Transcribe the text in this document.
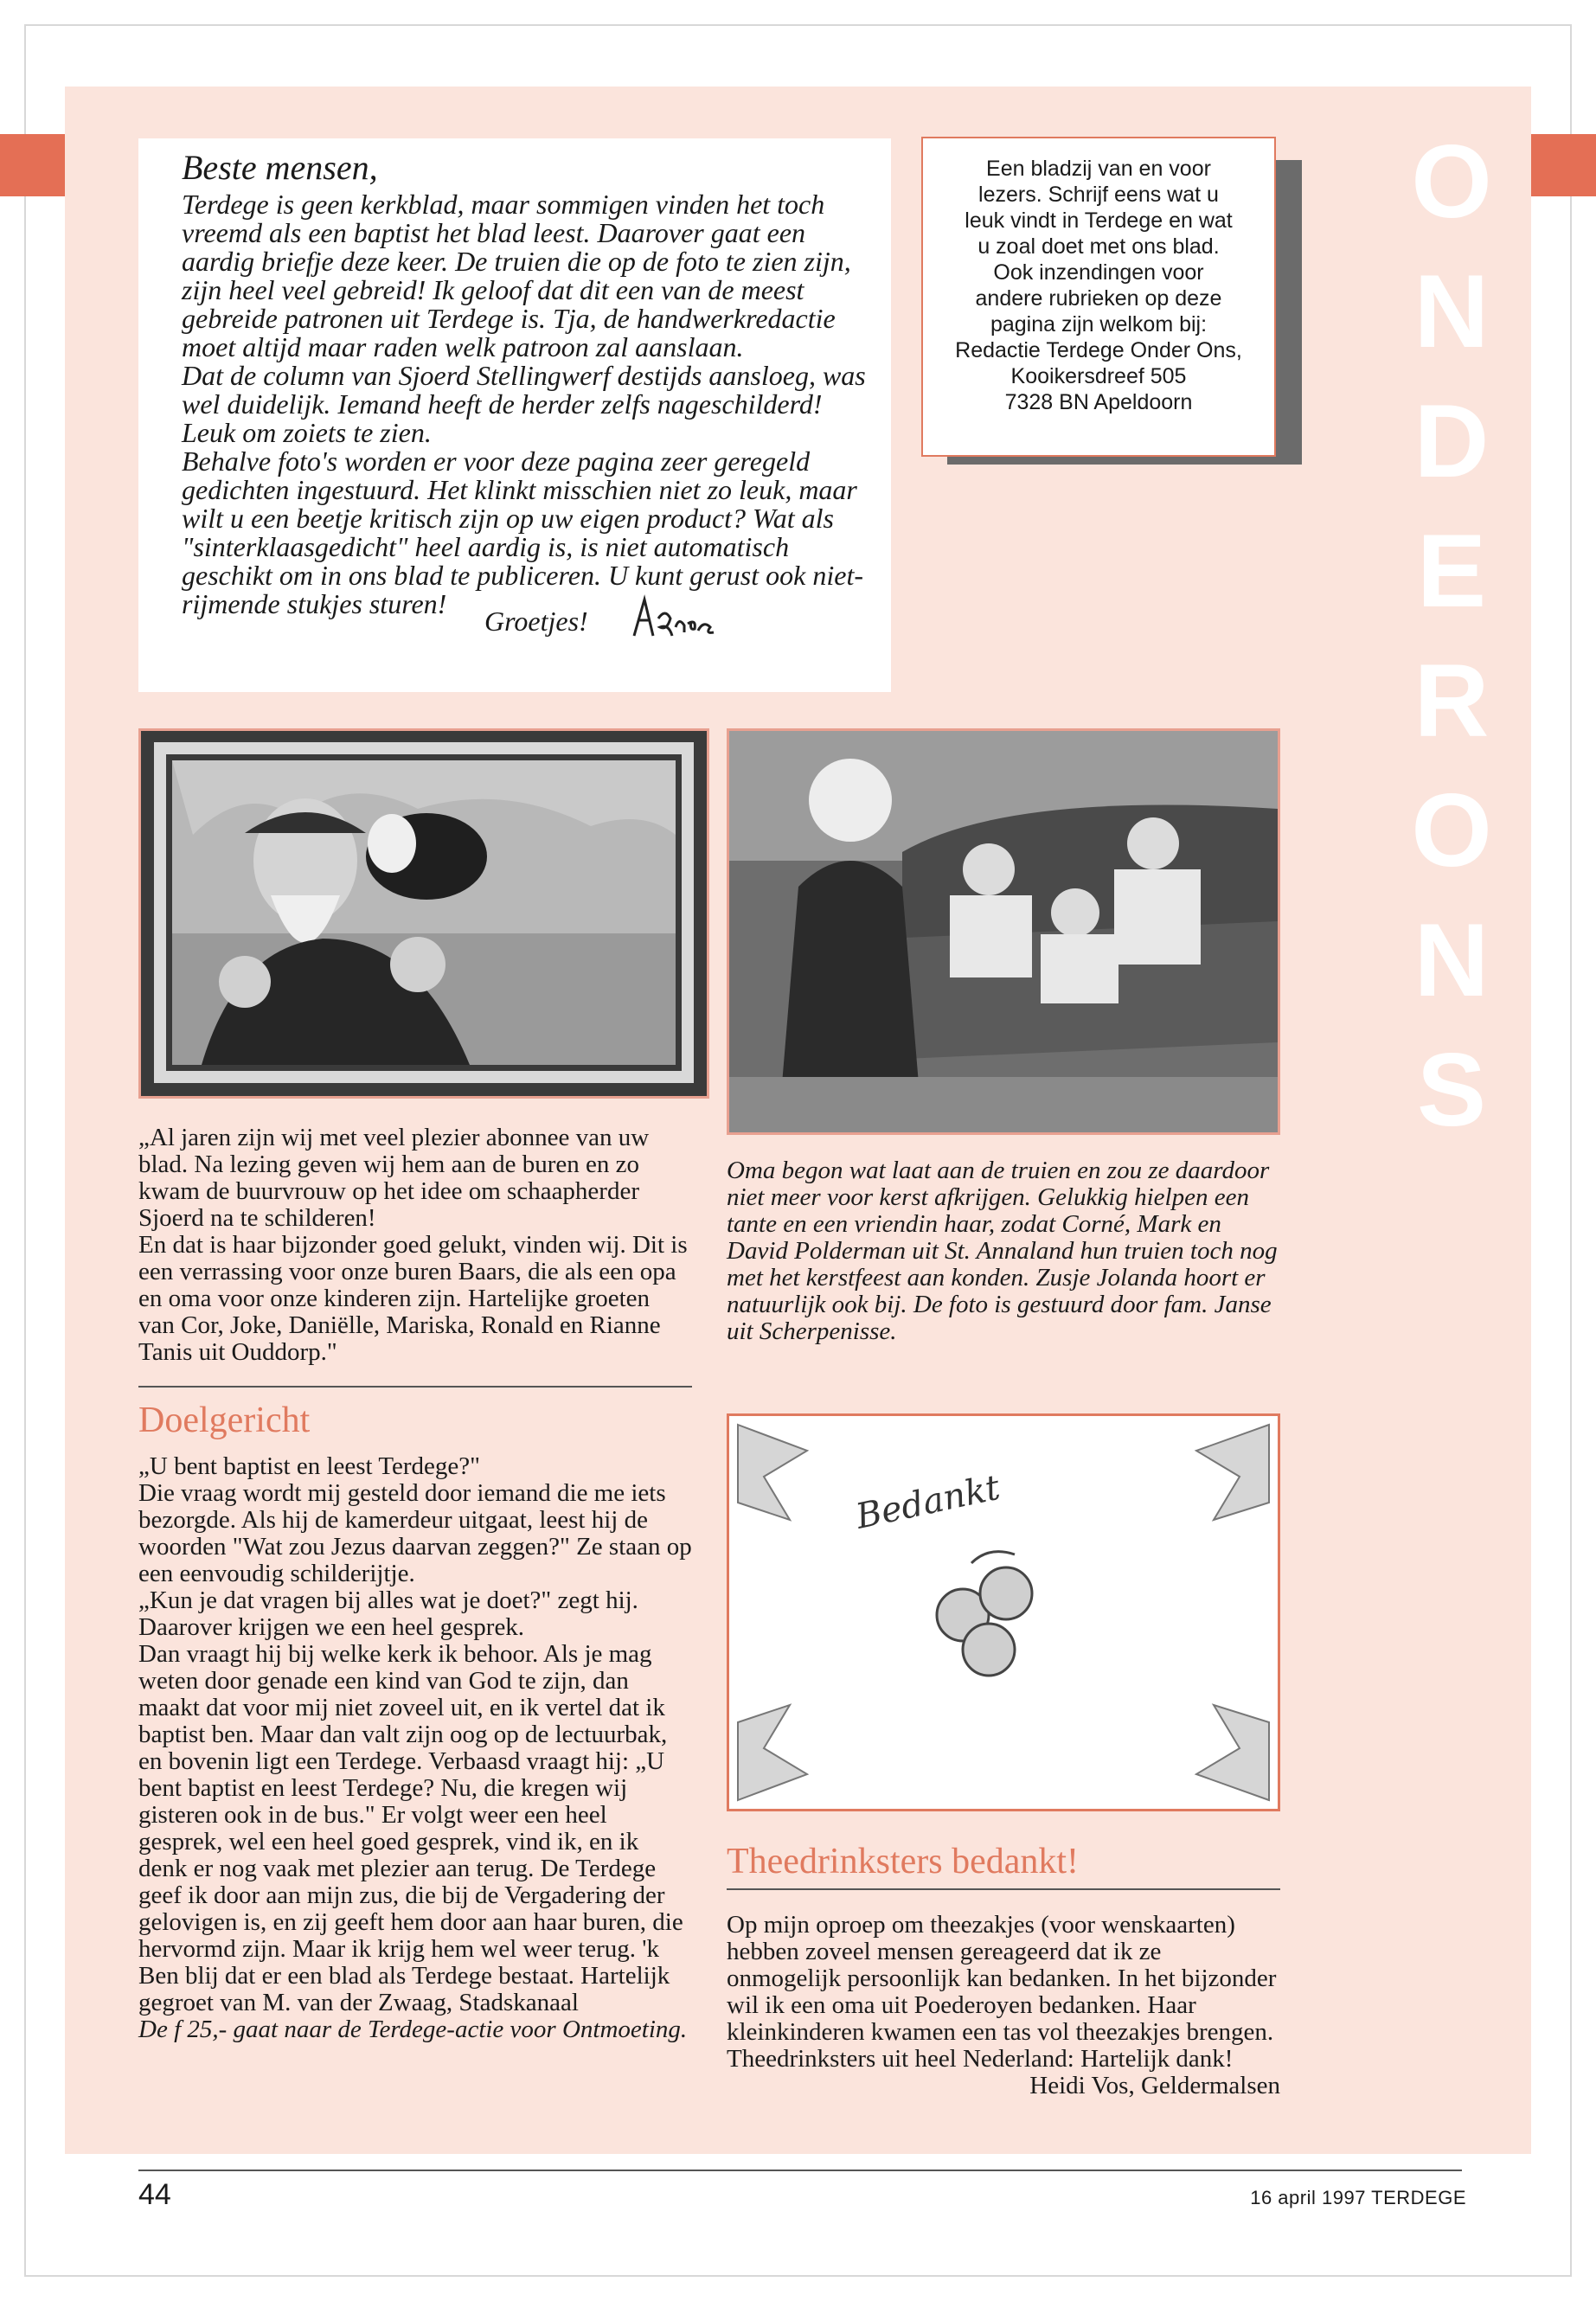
O
N
D
E
R
O
N
S

Beste mensen,

Terdege is geen kerkblad, maar sommigen vinden het toch vreemd als een baptist het blad leest. Daarover gaat een aardig briefje deze keer. De truien die op de foto te zien zijn, zijn heel veel gebreid! Ik geloof dat dit een van de meest gebreide patronen uit Terdege is. Tja, de handwerkredactie moet altijd maar raden welk patroon zal aanslaan.

Dat de column van Sjoerd Stellingwerf destijds aansloeg, was wel duidelijk. Iemand heeft de herder zelfs nageschilderd!

Leuk om zoiets te zien.

Behalve foto's worden er voor deze pagina zeer geregeld gedichten ingestuurd. Het klinkt misschien niet zo leuk, maar wilt u een beetje kritisch zijn op uw eigen product? Wat als "sinterklaasgedicht" heel aardig is, is niet automatisch geschikt om in ons blad te publiceren. U kunt gerust ook niet-rijmende stukjes sturen!

Groetjes!
Een bladzij van en voor
lezers. Schrijf eens wat u
leuk vindt in Terdege en wat
u zoal doet met ons blad.
Ook inzendingen voor
andere rubrieken op deze
pagina zijn welkom bij:
Redactie Terdege Onder Ons,
Kooikersdreef 505
7328 BN Apeldoorn

„Al jaren zijn wij met veel plezier abonnee van uw blad. Na lezing geven wij hem aan de buren en zo kwam de buurvrouw op het idee om schaapherder Sjoerd na te schilderen!

En dat is haar bijzonder goed gelukt, vinden wij. Dit is een verrassing voor onze buren Baars, die als een opa en oma voor onze kinderen zijn. Hartelijke groeten van Cor, Joke, Daniëlle, Mariska, Ronald en Rianne Tanis uit Ouddorp."

Oma begon wat laat aan de truien en zou ze daardoor niet meer voor kerst afkrijgen. Gelukkig hielpen een tante en een vriendin haar, zodat Corné, Mark en David Polderman uit St. Annaland hun truien toch nog met het kerstfeest aan konden. Zusje Jolanda hoort er natuurlijk ook bij. De foto is gestuurd door fam. Janse uit Scherpenisse.

Doelgericht

„U bent baptist en leest Terdege?"

Die vraag wordt mij gesteld door iemand die me iets bezorgde. Als hij de kamerdeur uitgaat, leest hij de woorden "Wat zou Jezus daarvan zeggen?" Ze staan op een eenvoudig schilderijtje.

„Kun je dat vragen bij alles wat je doet?" zegt hij. Daarover krijgen we een heel gesprek.

Dan vraagt hij bij welke kerk ik behoor. Als je mag weten door genade een kind van God te zijn, dan maakt dat voor mij niet zoveel uit, en ik vertel dat ik baptist ben. Maar dan valt zijn oog op de lectuurbak, en bovenin ligt een Terdege. Verbaasd vraagt hij: „U bent baptist en leest Terdege? Nu, die kregen wij gisteren ook in de bus." Er volgt weer een heel gesprek, wel een heel goed gesprek, vind ik, en ik denk er nog vaak met plezier aan terug. De Terdege geef ik door aan mijn zus, die bij de Vergadering der gelovigen is, en zij geeft hem door aan haar buren, die hervormd zijn. Maar ik krijg hem wel weer terug. 'k Ben blij dat er een blad als Terdege bestaat. Hartelijk gegroet van M. van der Zwaag, Stadskanaal

De f 25,- gaat naar de Terdege-actie voor Ontmoeting.

Bedankt
Theedrinksters bedankt!

Op mijn oproep om theezakjes (voor wenskaarten) hebben zoveel mensen gereageerd dat ik ze onmogelijk persoonlijk kan bedanken. In het bijzonder wil ik een oma uit Poederoyen bedanken. Haar kleinkinderen kwamen een tas vol theezakjes brengen. Theedrinksters uit heel Nederland: Hartelijk dank!

Heidi Vos, Geldermalsen

44	16 april 1997 TERDEGE
